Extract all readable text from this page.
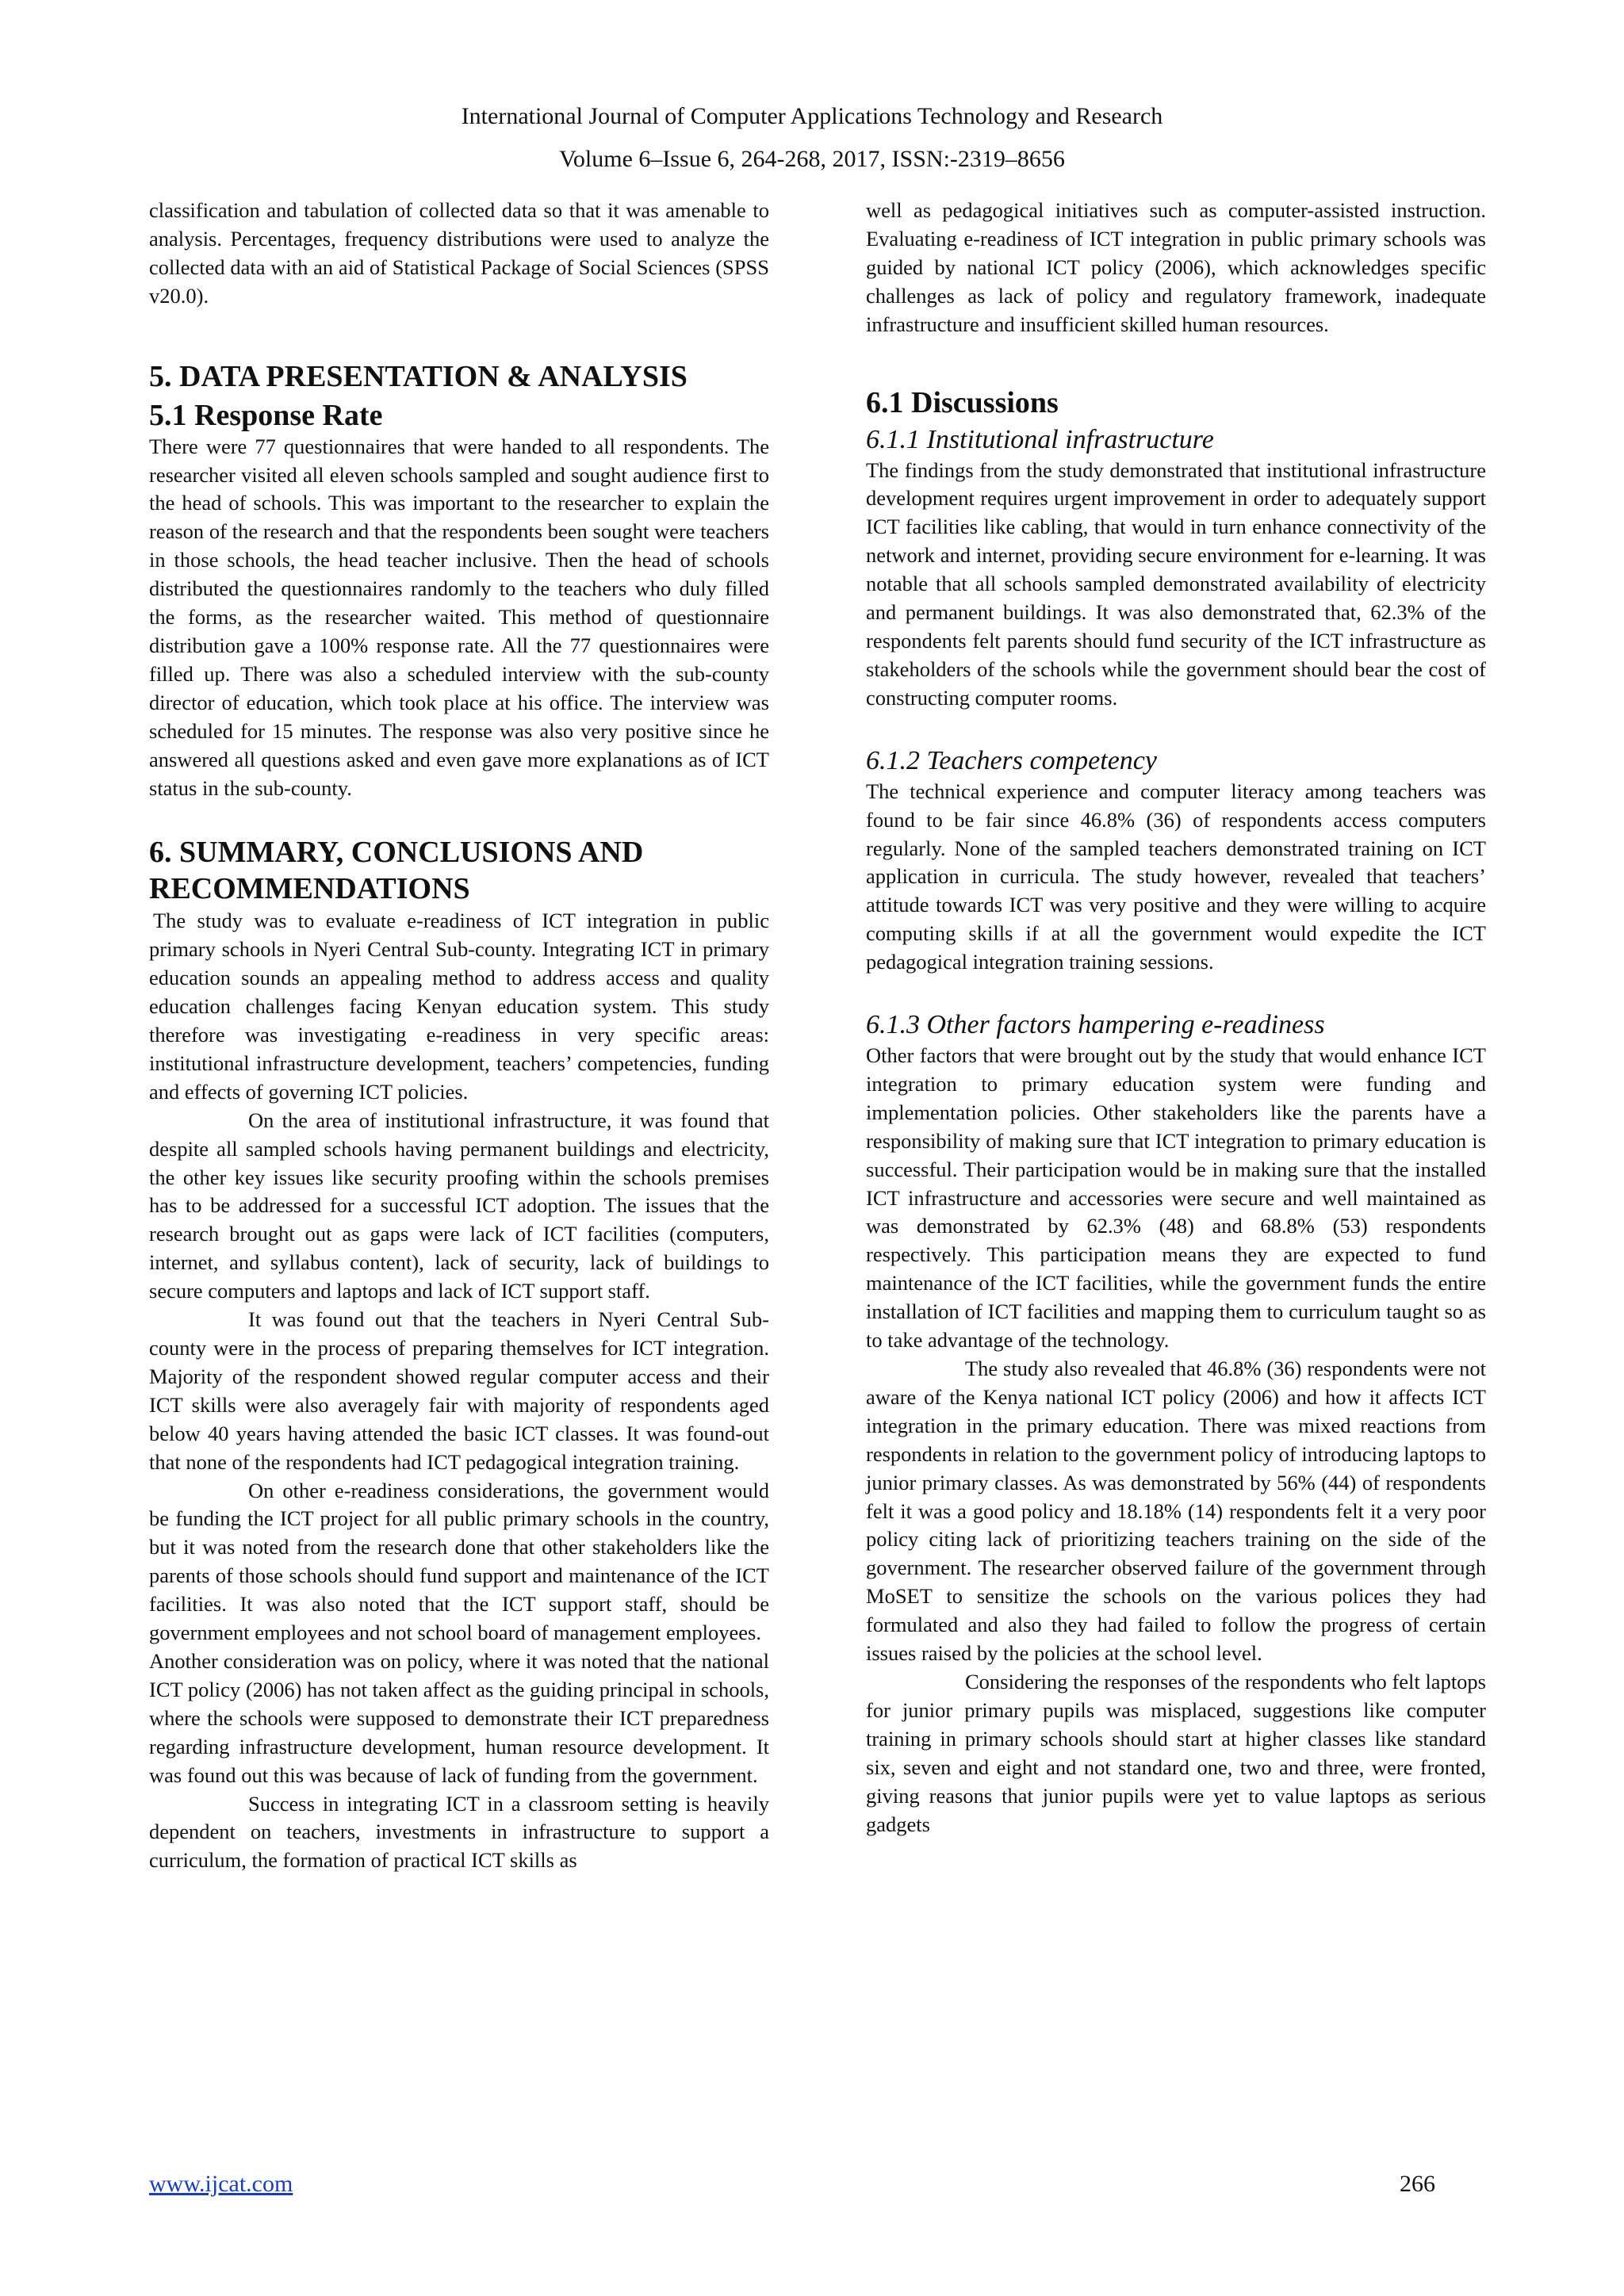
International Journal of Computer Applications Technology and Research
Volume 6–Issue 6, 264-268, 2017, ISSN:-2319–8656

classification and tabulation of collected data so that it was amenable to analysis. Percentages, frequency distributions were used to analyze the collected data with an aid of Statistical Package of Social Sciences (SPSS v20.0).

5. DATA PRESENTATION & ANALYSIS
5.1 Response Rate

There were 77 questionnaires that were handed to all respondents. The researcher visited all eleven schools sampled and sought audience first to the head of schools. This was important to the researcher to explain the reason of the research and that the respondents been sought were teachers in those schools, the head teacher inclusive. Then the head of schools distributed the questionnaires randomly to the teachers who duly filled the forms, as the researcher waited. This method of questionnaire distribution gave a 100% response rate. All the 77 questionnaires were filled up. There was also a scheduled interview with the sub-county director of education, which took place at his office. The interview was scheduled for 15 minutes. The response was also very positive since he answered all questions asked and even gave more explanations as of ICT status in the sub-county.

6. SUMMARY, CONCLUSIONS AND RECOMMENDATIONS

The study was to evaluate e-readiness of ICT integration in public primary schools in Nyeri Central Sub-county. Integrating ICT in primary education sounds an appealing method to address access and quality education challenges facing Kenyan education system. This study therefore was investigating e-readiness in very specific areas: institutional infrastructure development, teachers’ competencies, funding and effects of governing ICT policies.

On the area of institutional infrastructure, it was found that despite all sampled schools having permanent buildings and electricity, the other key issues like security proofing within the schools premises has to be addressed for a successful ICT adoption. The issues that the research brought out as gaps were lack of ICT facilities (computers, internet, and syllabus content), lack of security, lack of buildings to secure computers and laptops and lack of ICT support staff.

It was found out that the teachers in Nyeri Central Sub-county were in the process of preparing themselves for ICT integration. Majority of the respondent showed regular computer access and their ICT skills were also averagely fair with majority of respondents aged below 40 years having attended the basic ICT classes. It was found-out that none of the respondents had ICT pedagogical integration training.

On other e-readiness considerations, the government would be funding the ICT project for all public primary schools in the country, but it was noted from the research done that other stakeholders like the parents of those schools should fund support and maintenance of the ICT facilities. It was also noted that the ICT support staff, should be government employees and not school board of management employees.

Another consideration was on policy, where it was noted that the national ICT policy (2006) has not taken affect as the guiding principal in schools, where the schools were supposed to demonstrate their ICT preparedness regarding infrastructure development, human resource development. It was found out this was because of lack of funding from the government.

Success in integrating ICT in a classroom setting is heavily dependent on teachers, investments in infrastructure to support a curriculum, the formation of practical ICT skills as

well as pedagogical initiatives such as computer-assisted instruction. Evaluating e-readiness of ICT integration in public primary schools was guided by national ICT policy (2006), which acknowledges specific challenges as lack of policy and regulatory framework, inadequate infrastructure and insufficient skilled human resources.

6.1 Discussions
6.1.1 Institutional infrastructure

The findings from the study demonstrated that institutional infrastructure development requires urgent improvement in order to adequately support ICT facilities like cabling, that would in turn enhance connectivity of the network and internet, providing secure environment for e-learning. It was notable that all schools sampled demonstrated availability of electricity and permanent buildings. It was also demonstrated that, 62.3% of the respondents felt parents should fund security of the ICT infrastructure as stakeholders of the schools while the government should bear the cost of constructing computer rooms.

6.1.2 Teachers competency

The technical experience and computer literacy among teachers was found to be fair since 46.8% (36) of respondents access computers regularly. None of the sampled teachers demonstrated training on ICT application in curricula. The study however, revealed that teachers’ attitude towards ICT was very positive and they were willing to acquire computing skills if at all the government would expedite the ICT pedagogical integration training sessions.

6.1.3 Other factors hampering e-readiness

Other factors that were brought out by the study that would enhance ICT integration to primary education system were funding and implementation policies. Other stakeholders like the parents have a responsibility of making sure that ICT integration to primary education is successful. Their participation would be in making sure that the installed ICT infrastructure and accessories were secure and well maintained as was demonstrated by 62.3% (48) and 68.8% (53) respondents respectively. This participation means they are expected to fund maintenance of the ICT facilities, while the government funds the entire installation of ICT facilities and mapping them to curriculum taught so as to take advantage of the technology.

The study also revealed that 46.8% (36) respondents were not aware of the Kenya national ICT policy (2006) and how it affects ICT integration in the primary education. There was mixed reactions from respondents in relation to the government policy of introducing laptops to junior primary classes. As was demonstrated by 56% (44) of respondents felt it was a good policy and 18.18% (14) respondents felt it a very poor policy citing lack of prioritizing teachers training on the side of the government. The researcher observed failure of the government through MoSET to sensitize the schools on the various polices they had formulated and also they had failed to follow the progress of certain issues raised by the policies at the school level.

Considering the responses of the respondents who felt laptops for junior primary pupils was misplaced, suggestions like computer training in primary schools should start at higher classes like standard six, seven and eight and not standard one, two and three, were fronted, giving reasons that junior pupils were yet to value laptops as serious gadgets

www.ijcat.com	266
